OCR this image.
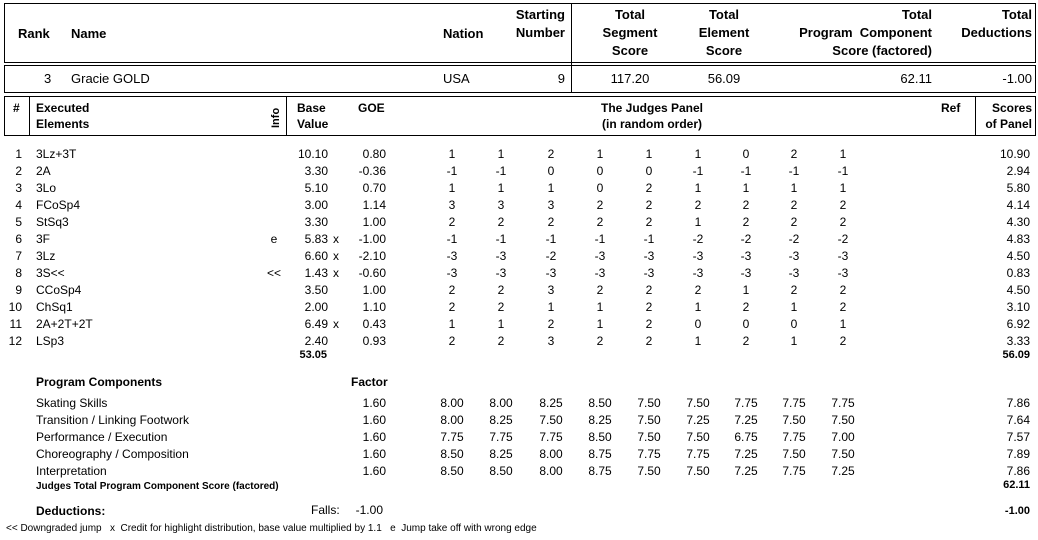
Rank Name	Nation
Starting
Number
Total
Segment
Score
Total
Element
Score
Total
Program  Component
Score (factored)
Total
Deductions
3 Gracie GOLD	USA	9	117.20	56.09	62.11	-1.00
# Executed
Elements	Info Base
Value
GOE	The Judges Panel
(in random order)
Ref	Scores
of Panel
1 3Lz+3T	10.10	0.80	1	1	2	1	1	1	0	2	1	10.90
2 2A	3.30	-0.36	-1	-1	0	0	0	-1	-1	-1	-1	2.94
3 3Lo	5.10	0.70	1	1	1	0	2	1	1	1	1	5.80
4 FCoSp4	3.00	1.14	3	3	3	2	2	2	2	2	2	4.14
5 StSq3	3.30	1.00	2	2	2	2	2	1	2	2	2	4.30
6 3F	e	5.83 x -1.00	-1	-1	-1	-1	-1	-2	-2	-2	-2	4.83
7 3Lz	6.60 x -2.10	-3	-3	-2	-3	-3	-3	-3	-3	-3	4.50
8 3S<<	<< 1.43 x -0.60	-3	-3	-3	-3	-3	-3	-3	-3	-3	0.83
9 CCoSp4	3.50	1.00	2	2	3	2	2	2	1	2	2	4.50
10 ChSq1	2.00	1.10	2	2	1	1	2	1	2	1	2	3.10
11 2A+2T+2T	6.49 x 0.43	1	1	2	1	2	0	0	0	1	6.92
12 LSp3	2.40	0.93	2	2	3	2	2	1	2	1	2	3.33
53.05	56.09
Program Components	Factor
Skating Skills	1.60	8.00	8.00	8.25	8.50	7.50	7.50	7.75	7.75	7.75	7.86
Transition / Linking Footwork	1.60	8.00	8.25	7.50	8.25	7.50	7.25	7.25	7.50	7.50	7.64
Performance / Execution	1.60	7.75	7.75	7.75	8.50	7.50	7.50	6.75	7.75	7.00	7.57
Choreography / Composition	1.60	8.50	8.25	8.00	8.75	7.75	7.75	7.25	7.50	7.50	7.89
Interpretation	1.60	8.50	8.50	8.00	8.75	7.50	7.50	7.25	7.75	7.25	7.86
Judges Total Program Component Score (factored)	62.11
Deductions:	Falls: -1.00	-1.00
<< Downgraded jump   x  Credit for highlight distribution, base value multiplied by 1.1   e  Jump take off with wrong edge
